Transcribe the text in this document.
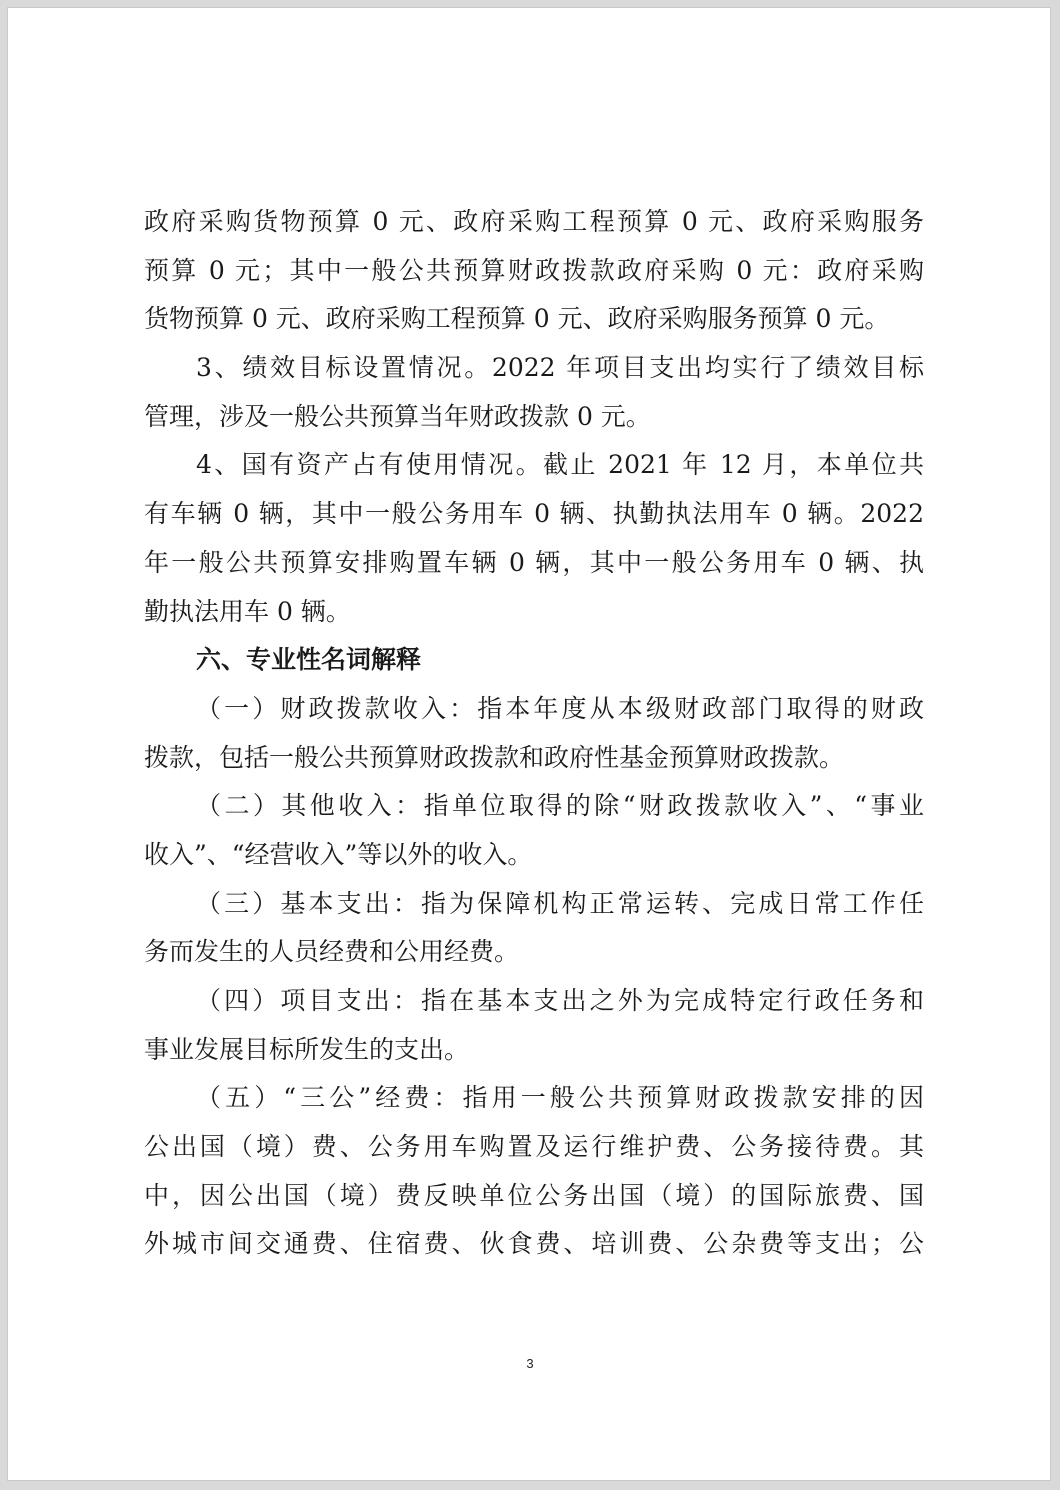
政府采购货物预算 0 元、政府采购工程预算 0 元、政府采购服务
预算 0 元；其中一般公共预算财政拨款政府采购 0 元：政府采购
货物预算 0 元、政府采购工程预算 0 元、政府采购服务预算 0 元。
3、绩效目标设置情况。2022 年项目支出均实行了绩效目标
管理，涉及一般公共预算当年财政拨款 0 元。
4、国有资产占有使用情况。截止 2021 年 12 月，本单位共
有车辆 0 辆，其中一般公务用车 0 辆、执勤执法用车 0 辆。2022
年一般公共预算安排购置车辆 0 辆，其中一般公务用车 0 辆、执
勤执法用车 0 辆。
六、专业性名词解释
（一）财政拨款收入：指本年度从本级财政部门取得的财政
拨款，包括一般公共预算财政拨款和政府性基金预算财政拨款。
（二）其他收入：指单位取得的除“财政拨款收入”、“事业
收入”、“经营收入”等以外的收入。
（三）基本支出：指为保障机构正常运转、完成日常工作任
务而发生的人员经费和公用经费。
（四）项目支出：指在基本支出之外为完成特定行政任务和
事业发展目标所发生的支出。
（五）“三公”经费：指用一般公共预算财政拨款安排的因
公出国（境）费、公务用车购置及运行维护费、公务接待费。其
中，因公出国（境）费反映单位公务出国（境）的国际旅费、国
外城市间交通费、住宿费、伙食费、培训费、公杂费等支出；公
3
